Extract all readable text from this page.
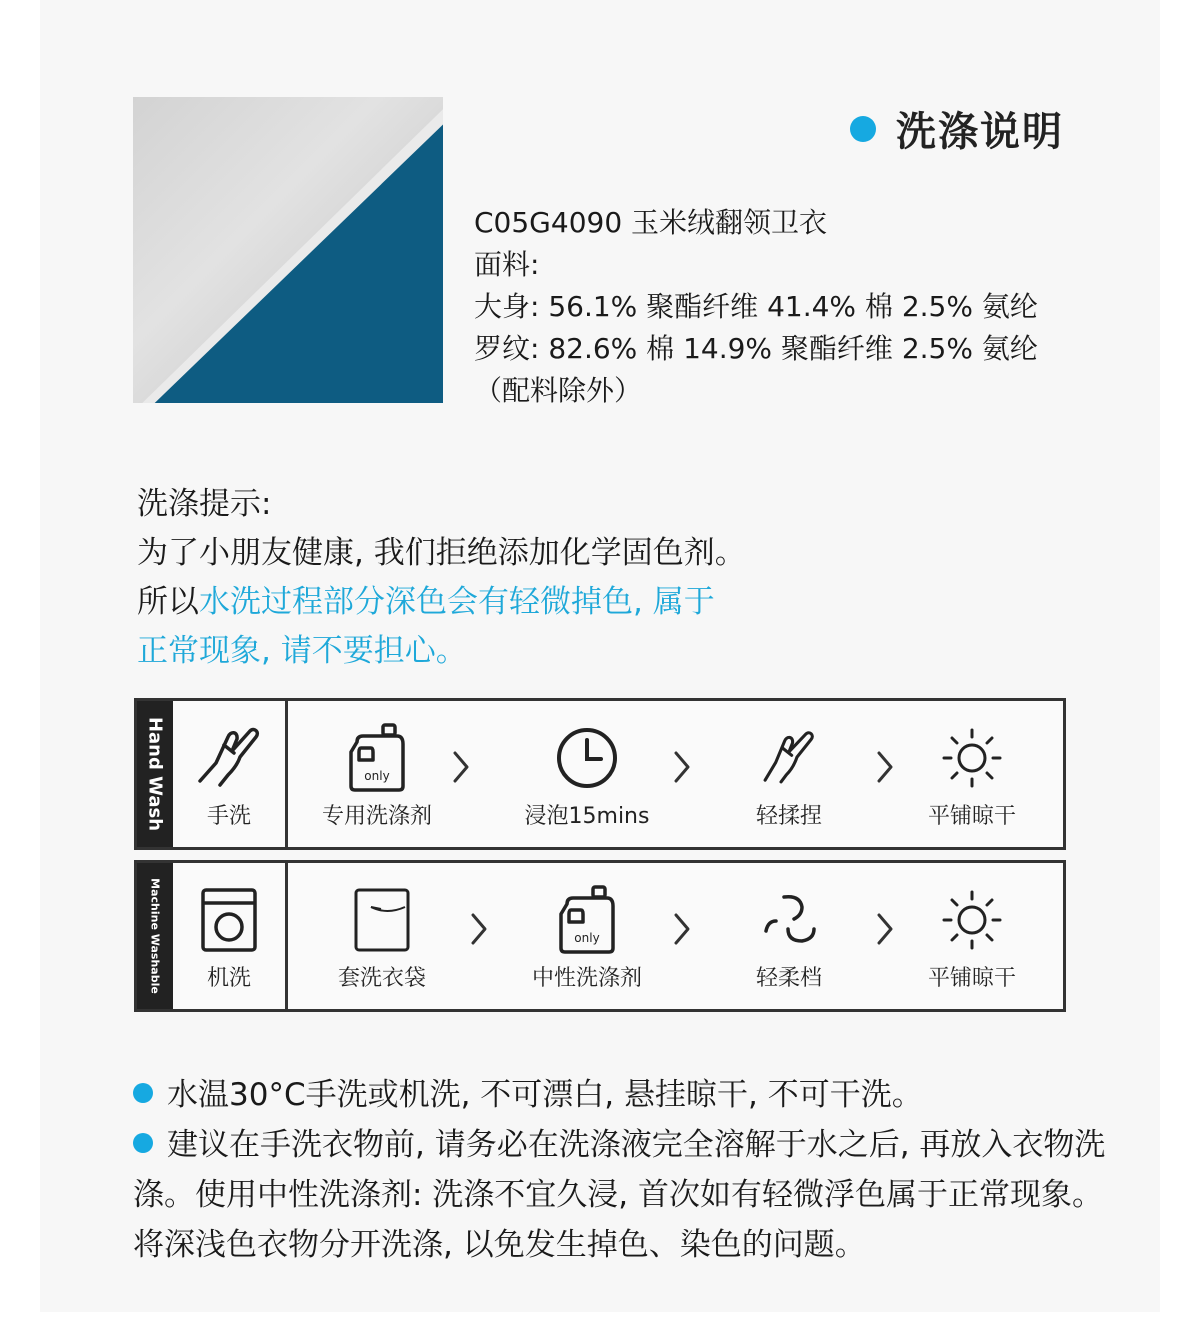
洗涤说明
C05G4090 玉米绒翻领卫衣
面料:
大身: 56.1% 聚酯纤维 41.4% 棉 2.5% 氨纶
罗纹: 82.6% 棉 14.9% 聚酯纤维 2.5% 氨纶
（配料除外）
洗涤提示:
为了小朋友健康, 我们拒绝添加化学固色剂。
所以水洗过程部分深色会有轻微掉色, 属于
正常现象, 请不要担心。
Hand Wash 手洗
only
专用洗涤剂	浸泡15mins	轻揉捏	平铺晾干
Machine Washable 机洗	套洗衣袋
only
中性洗涤剂	轻柔档	平铺晾干
水温30°C手洗或机洗, 不可漂白, 悬挂晾干, 不可干洗。
建议在手洗衣物前, 请务必在洗涤液完全溶解于水之后, 再放入衣物洗涤。使用中性洗涤剂: 洗涤不宜久浸, 首次如有轻微浮色属于正常现象。将深浅色衣物分开洗涤, 以免发生掉色、染色的问题。
